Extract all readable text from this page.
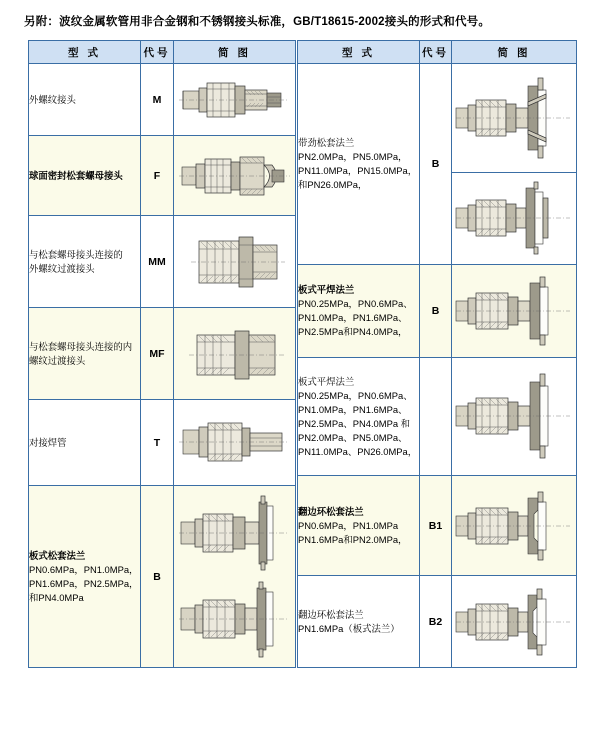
另附：波纹金属软管用非合金钢和不锈钢接头标准，GB/T18615-2002接头的形式和代号。
型 式	代号	简 图

外螺纹接头	M	

球面密封松套螺母接头	F	

与松套螺母接头连接的
外螺纹过渡接头	MM	

与松套螺母接头连接的内
螺纹过渡接头	MF	

对接焊管	T	

板式松套法兰
PN0.6MPa，PN1.0MPa，
PN1.6MPa，PN2.5MPa，
和PN4.0MPa	B	
型 式	代号	简 图

带劲松套法兰
PN2.0MPa，PN5.0MPa，
PN11.0MPa，PN15.0MPa，
和PN26.0MPa，	B	

板式平焊法兰
PN0.25MPa，PN0.6MPa、
PN1.0MPa，PN1.6MPa、
PN2.5MPa和PN4.0MPa，	B	

板式平焊法兰
PN0.25MPa，PN0.6MPa、
PN1.0MPa，PN1.6MPa、
PN2.5MPa、PN4.0MPa 和
PN2.0MPa、PN5.0MPa、
PN11.0MPa、PN26.0MPa，

翻边环松套法兰
PN0.6MPa，PN1.0MPa
PN1.6MPa和PN2.0MPa，	B1	

翻边环松套法兰
PN1.6MPa（板式法兰）	B2	
